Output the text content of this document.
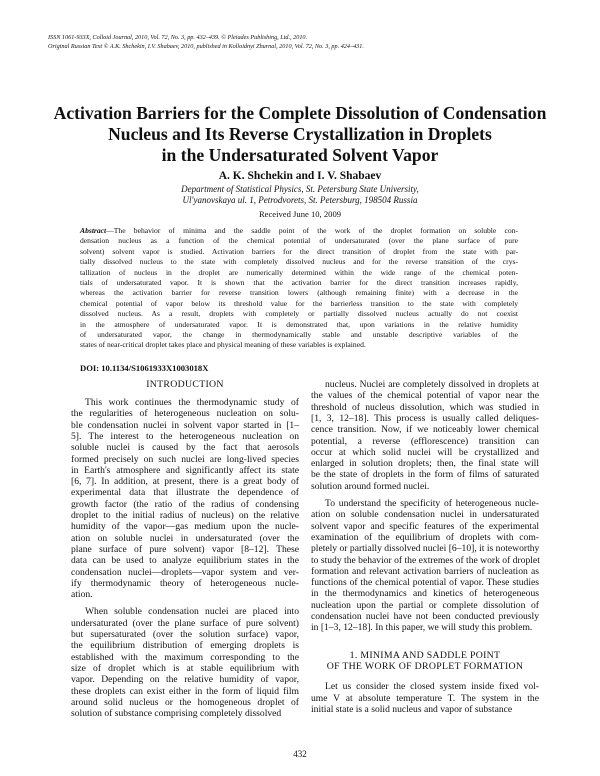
ISSN 1061-933X, Colloid Journal, 2010, Vol. 72, No. 3, pp. 432–439. © Pleiades Publishing, Ltd., 2010.
Original Russian Text © A.K. Shchekin, I.V. Shabaev, 2010, published in Kolloidnyi Zhurnal, 2010, Vol. 72, No. 3, pp. 424–431.
Activation Barriers for the Complete Dissolution of Condensation
Nucleus and Its Reverse Crystallization in Droplets
in the Undersaturated Solvent Vapor
A. K. Shchekin and I. V. Shabaev
Department of Statistical Physics, St. Petersburg State University,
Ul'yanovskaya ul. 1, Petrodvorets, St. Petersburg, 198504 Russia
Received June 10, 2009
Abstract—The behavior of minima and the saddle point of the work of the droplet formation on soluble con-
densation nucleus as a function of the chemical potential of undersaturated (over the plane surface of pure
solvent) solvent vapor is studied. Activation barriers for the direct transition of droplet from the state with par-
tially dissolved nucleus to the state with completely dissolved nucleus and for the reverse transition of the crys-
tallization of nucleus in the droplet are numerically determined within the wide range of the chemical poten-
tials of undersaturated vapor. It is shown that the activation barrier for the direct transition increases rapidly,
whereas the activation barrier for reverse transition lowers (although remaining finite) with a decrease in the
chemical potential of vapor below its threshold value for the barrierless transition to the state with completely
dissolved nucleus. As a result, droplets with completely or partially dissolved nucleus actually do not coexist
in the atmosphere of undersaturated vapor. It is demonstrated that, upon variations in the relative humidity
of undersaturated vapor, the change in thermodynamically stable and unstable descriptive variables of the
states of near-critical droplet takes place and physical meaning of these variables is explained.
DOI: 10.1134/S1061933X1003018X
INTRODUCTION
This work continues the thermodynamic study of
the regularities of heterogeneous nucleation on solu-
ble condensation nuclei in solvent vapor started in [1–
5]. The interest to the heterogeneous nucleation on
soluble nuclei is caused by the fact that aerosols
formed precisely on such nuclei are long-lived species
in Earth's atmosphere and significantly affect its state
[6, 7]. In addition, at present, there is a great body of
experimental data that illustrate the dependence of
growth factor (the ratio of the radius of condensing
droplet to the initial radius of nucleus) on the relative
humidity of the vapor—gas medium upon the nucle-
ation on soluble nuclei in undersaturated (over the
plane surface of pure solvent) vapor [8–12]. These
data can be used to analyze equilibrium states in the
condensation nuclei—droplets—vapor system and ver-
ify thermodynamic theory of heterogeneous nucle-
ation.
When soluble condensation nuclei are placed into
undersaturated (over the plane surface of pure solvent)
but supersaturated (over the solution surface) vapor,
the equilibrium distribution of emerging droplets is
established with the maximum corresponding to the
size of droplet which is at stable equilibrium with
vapor. Depending on the relative humidity of vapor,
these droplets can exist either in the form of liquid film
around solid nucleus or the homogeneous droplet of
solution of substance comprising completely dissolved
nucleus. Nuclei are completely dissolved in droplets at
the values of the chemical potential of vapor near the
threshold of nucleus dissolution, which was studied in
[1, 3, 12–18]. This process is usually called deliques-
cence transition. Now, if we noticeably lower chemical
potential, a reverse (efflorescence) transition can
occur at which solid nuclei will be crystallized and
enlarged in solution droplets; then, the final state will
be the state of droplets in the form of films of saturated
solution around formed nuclei.
To understand the specificity of heterogeneous nucle-
ation on soluble condensation nuclei in undersaturated
solvent vapor and specific features of the experimental
examination of the equilibrium of droplets with com-
pletely or partially dissolved nuclei [6–10], it is noteworthy
to study the behavior of the extremes of the work of droplet
formation and relevant activation barriers of nucleation as
functions of the chemical potential of vapor. These studies
in the thermodynamics and kinetics of heterogeneous
nucleation upon the partial or complete dissolution of
condensation nuclei have not been conducted previously
in [1–3, 12–18]. In this paper, we will study this problem.
1. MINIMA AND SADDLE POINT
OF THE WORK OF DROPLET FORMATION
Let us consider the closed system inside fixed vol-
ume V at absolute temperature T. The system in the
initial state is a solid nucleus and vapor of substance
432
